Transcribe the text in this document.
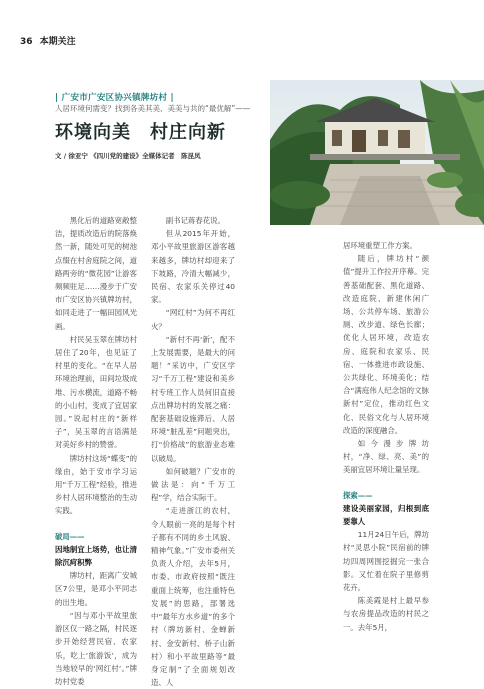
36 本期关注
| 广安市广安区协兴镇牌坊村 |
人居环境何需变？找到各美其美、美美与共的“最优解”——
环境向美　村庄向新
文 / 徐亚宁 《四川党的建设》全媒体记者　陈昆凤

黑化后的道路宽敞整洁，提质改造后的院落焕然一新，随处可见的树池点缀在村舍庭院之间，道路两旁的“微花园”让游客频频驻足……漫步于广安市广安区协兴镇牌坊村，如同走进了一幅田园风光画。

村民吴玉翠在牌坊村居住了20年，也见证了村里的变化。“在早人居环境治理前，田间垃圾成堆、污水横流，道路不畅的小山村，变成了宜居家园。”说起村庄的“新样子”，吴玉翠的言语满是对美好乡村的赞誉。

牌坊村这场“蝶变”的缘由，始于安市学习运用“千万工程”经验，推进乡村人居环境整治的生动实践。

破局——

因地制宜上场势，也让清除沉疴积弊

牌坊村，距离广安城区7公里，是邓小平同志的出生地。

“因与邓小平故里旅游区仅一路之隔，村民逐步开始经营民宿、农家乐，吃上‘旅游饭’，成为当地较早的‘网红村’。”牌坊村党委

副书记蒋春花说。

但从2015年开始，邓小平故里旅游区游客越来越多，牌坊村却迎来了下坡路，冷清大幅减少，民宿、农家乐关停过40家。

“网红村”为何不再红火？

“新村不再‘新’，配不上发展需要，是最大的问题！”采访中，广安区学习“千万工程”建设和美乡村专班工作人员何旧直接点出牌坊村的发展之痛：配套基础设施滞后、人居环境“脏乱差”问题突出，打“价格战”的旅游业态难以破局。

如何破题？广安市的做法是：向“千万工程”学，结合实际干。

“走进浙江的农村，令人眼前一亮的是每个村子都有不同的乡土风貌、精神气象。”广安市委州关负责人介绍，去年5月，市委、市政府按照“既注重面上统筹，也注重特色发展”的思路，部署选中“最年方水乡道”的多个村（牌坊新村、金蝉新村、金安新村、桥子山新村）和小平故里路等“最身定制”了全面规划改造、人

居环境重塑工作方案。

随后，牌坊村“颜值”提升工作拉开序幕。完善基础配套、黑化道路、改造庭院、新建休闲广场、公共停车场、旅游公厕、改步道、绿色长廊；优化人居环境，改造农房、庭院和农家乐、民宿、一体推进市政设施、公共绿化、环境美化；结合“满庭伟人纪念馆的文脉新村”定位，推动红色文化、民俗文化与人居环境改造的深度融合。

如今漫步牌坊村，“净、绿、亮、美”的美丽宜居环境让量呈现。

探索——

建设美丽家园，归根到底要靠人

11月24日午后，牌坊村“灵思小院”民宿前的牌坊四周网围挖掘完一张合影。又忙着在院子里修剪花卉。

陈美霞是村上最早参与农房提品改造的村民之一。去年5月，
